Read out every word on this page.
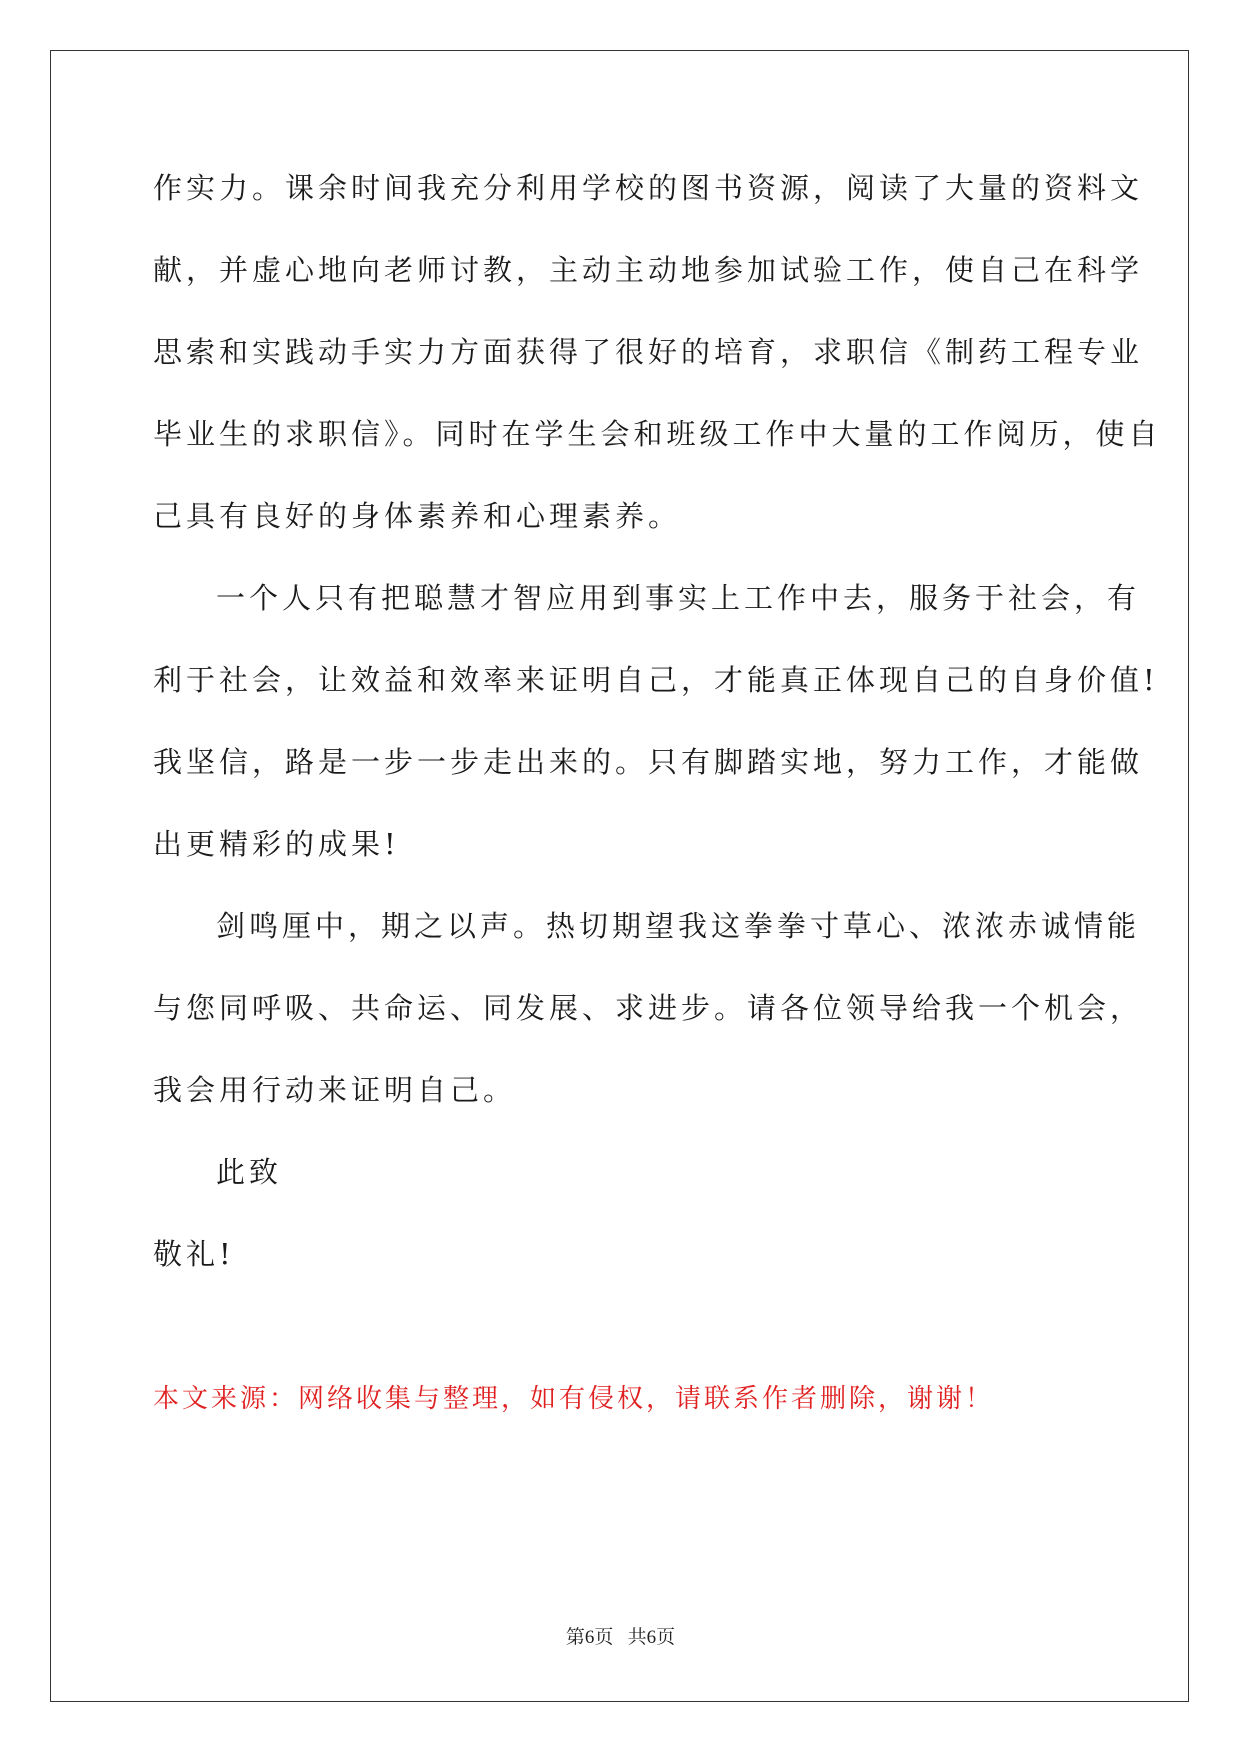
作实力。课余时间我充分利用学校的图书资源，阅读了大量的资料文
献，并虚心地向老师讨教，主动主动地参加试验工作，使自己在科学
思索和实践动手实力方面获得了很好的培育，求职信《制药工程专业
毕业生的求职信》。同时在学生会和班级工作中大量的工作阅历，使自
己具有良好的身体素养和心理素养。
一个人只有把聪慧才智应用到事实上工作中去，服务于社会，有
利于社会，让效益和效率来证明自己，才能真正体现自己的自身价值!
我坚信，路是一步一步走出来的。只有脚踏实地，努力工作，才能做
出更精彩的成果!
剑鸣厘中，期之以声。热切期望我这拳拳寸草心、浓浓赤诚情能
与您同呼吸、共命运、同发展、求进步。请各位领导给我一个机会，
我会用行动来证明自己。
此致
敬礼!
本文来源：网络收集与整理，如有侵权，请联系作者删除，谢谢！
第6页 共6页
